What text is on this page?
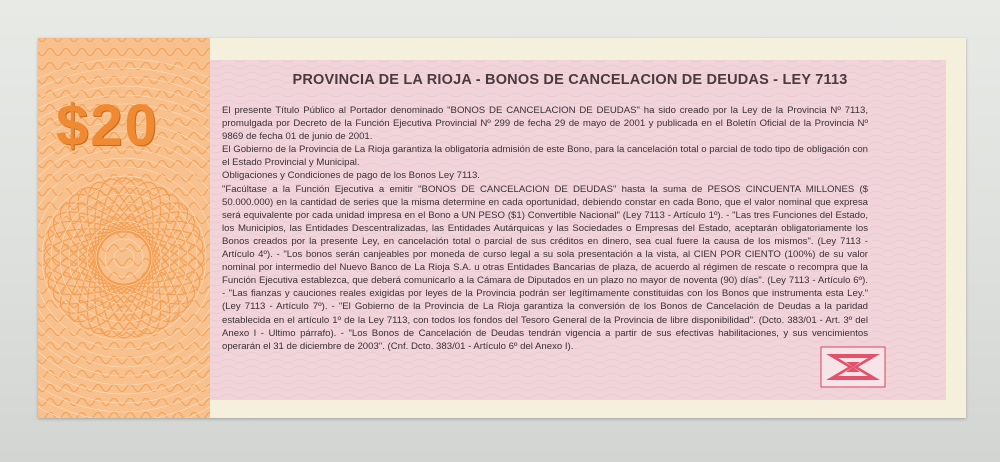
$20
PROVINCIA DE LA RIOJA - BONOS DE CANCELACION DE DEUDAS - LEY 7113

El presente Título Público al Portador denominado "BONOS DE CANCELACION DE DEUDAS" ha sido creado por la Ley de la Provincia Nº 7113, promulgada por Decreto de la Función Ejecutiva Provincial Nº 299 de fecha 29 de mayo de 2001 y publicada en el Boletín Oficial de la Provincia Nº 9869 de fecha 01 de junio de 2001.

El Gobierno de la Provincia de La Rioja garantiza la obligatoria admisión de este Bono, para la cancelación total o parcial de todo tipo de obligación con el Estado Provincial y Municipal.

Obligaciones y Condiciones de pago de los Bonos Ley 7113.

"Facúltase a la Función Ejecutiva a emitir "BONOS DE CANCELACION DE DEUDAS" hasta la suma de PESOS CINCUENTA MILLONES ($ 50.000.000) en la cantidad de series que la misma determine en cada oportunidad, debiendo constar en cada Bono, que el valor nominal que expresa será equivalente por cada unidad impresa en el Bono a UN PESO ($1) Convertible Nacional" (Ley 7113 - Artículo 1º). - "Las tres Funciones del Estado, los Municipios, las Entidades Descentralizadas, las Entidades Autárquicas y las Sociedades o Empresas del Estado, aceptarán obligatoriamente los Bonos creados por la presente Ley, en cancelación total o parcial de sus créditos en dinero, sea cual fuere la causa de los mismos". (Ley 7113 - Artículo 4º). - "Los bonos serán canjeables por moneda de curso legal a su sola presentación a la vista, al CIEN POR CIENTO (100%) de su valor nominal por intermedio del Nuevo Banco de La Rioja S.A. u otras Entidades Bancarias de plaza, de acuerdo al régimen de rescate o recompra que la Función Ejecutiva establezca, que deberá comunicarlo a la Cámara de Diputados en un plazo no mayor de noventa (90) días". (Ley 7113 - Artículo 6º). - "Las fianzas y cauciones reales exigidas por leyes de la Provincia podrán ser legítimamente constituidas con los Bonos que instrumenta esta Ley." (Ley 7113 - Artículo 7º). - "El Gobierno de la Provincia de La Rioja garantiza la conversión de los Bonos de Cancelación de Deudas a la paridad establecida en el artículo 1º de la Ley 7113, con todos los fondos del Tesoro General de la Provincia de libre disponibilidad". (Dcto. 383/01 - Art. 3º del Anexo I - Ultimo párrafo). - "Los Bonos de Cancelación de Deudas tendrán vigencia a partir de sus efectivas habilitaciones, y sus vencimientos operarán el 31 de diciembre de 2003". (Cnf. Dcto. 383/01 - Artículo 6º del Anexo I).
